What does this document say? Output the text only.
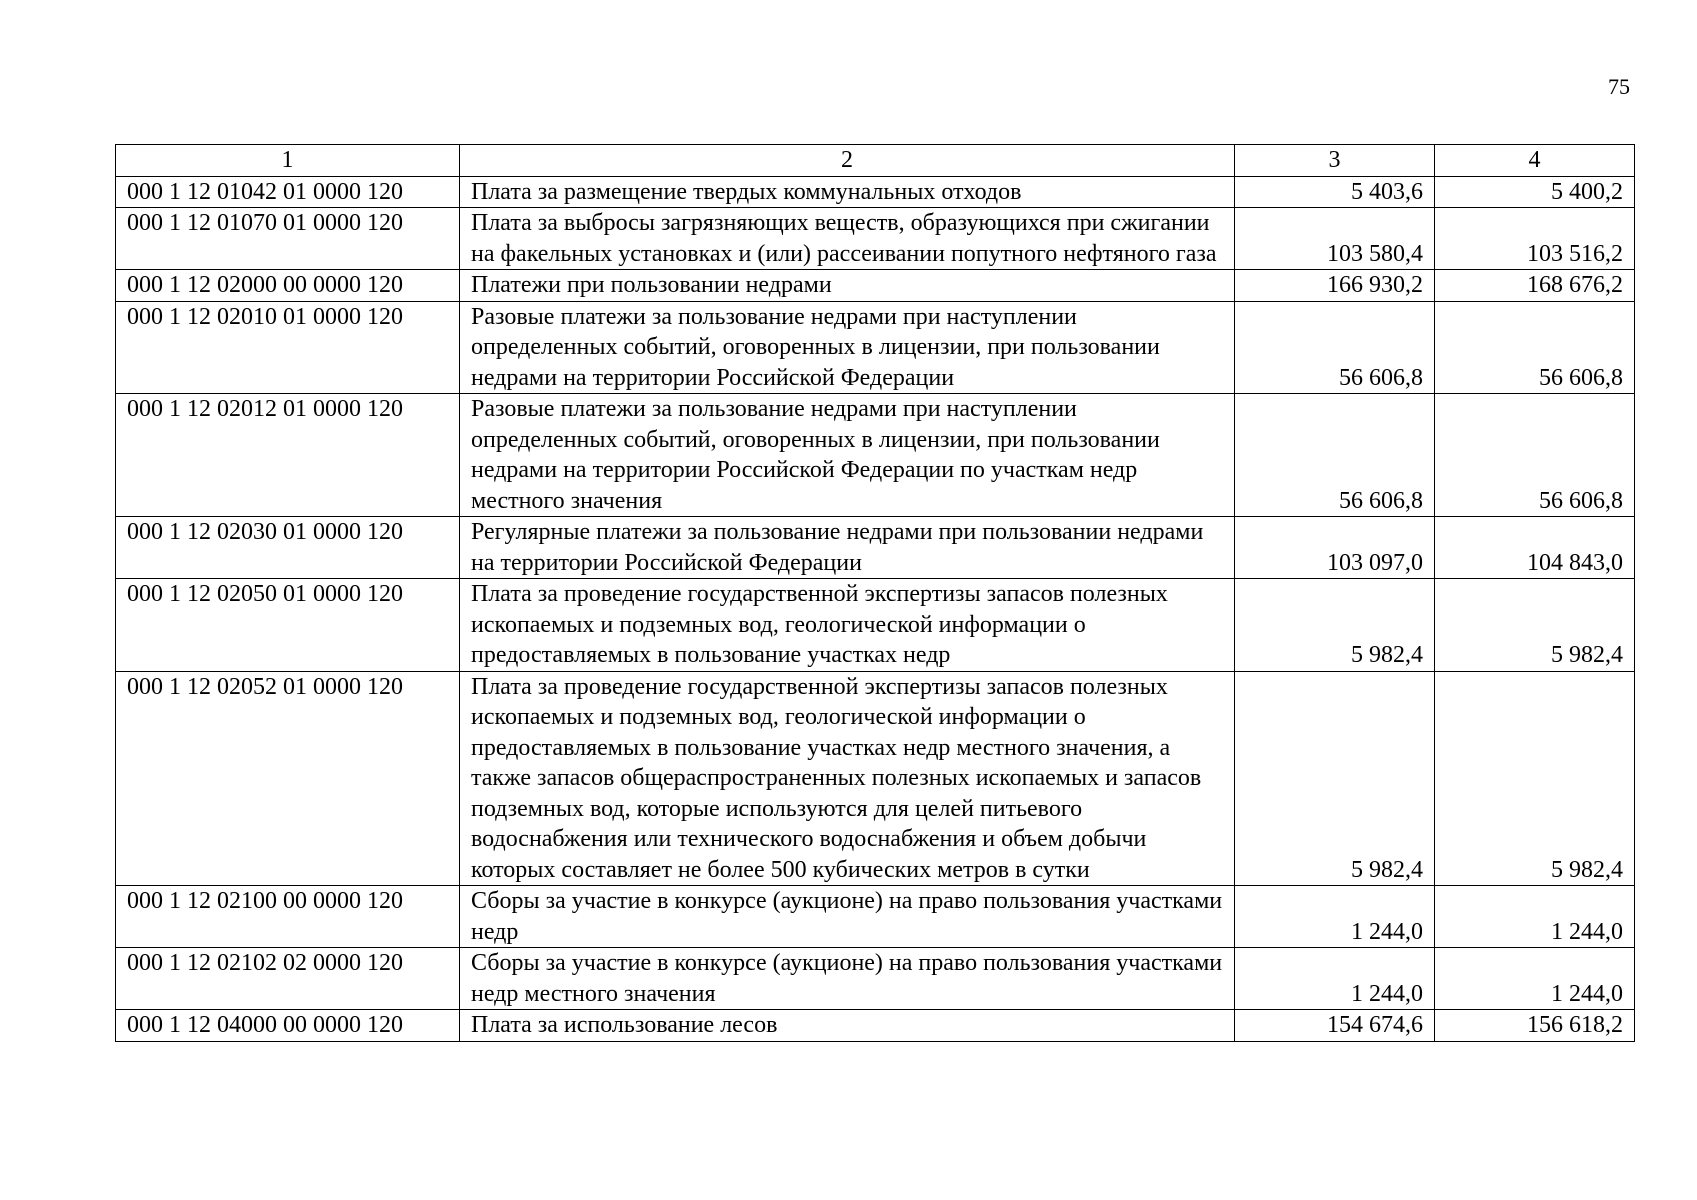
75
1	2	3	4
000 1 12 01042 01 0000 120	Плата за размещение твердых коммунальных отходов	5 403,6	5 400,2
000 1 12 01070 01 0000 120	Плата за выбросы загрязняющих веществ, образующихся при сжигании на факельных установках и (или) рассеивании попутного нефтяного газа	103 580,4	103 516,2
000 1 12 02000 00 0000 120	Платежи при пользовании недрами	166 930,2	168 676,2
000 1 12 02010 01 0000 120	Разовые платежи за пользование недрами при наступлении определенных событий, оговоренных в лицензии, при пользовании недрами на территории Российской Федерации	56 606,8	56 606,8
000 1 12 02012 01 0000 120	Разовые платежи за пользование недрами при наступлении определенных событий, оговоренных в лицензии, при пользовании недрами на территории Российской Федерации по участкам недр местного значения	56 606,8	56 606,8
000 1 12 02030 01 0000 120	Регулярные платежи за пользование недрами при пользовании недрами на территории Российской Федерации	103 097,0	104 843,0
000 1 12 02050 01 0000 120	Плата за проведение государственной экспертизы запасов полезных ископаемых и подземных вод, геологической информации о предоставляемых в пользование участках недр	5 982,4	5 982,4
000 1 12 02052 01 0000 120	Плата за проведение государственной экспертизы запасов полезных ископаемых и подземных вод, геологической информации о предоставляемых в пользование участках недр местного значения, а также запасов общераспространенных полезных ископаемых и запасов подземных вод, которые используются для целей питьевого водоснабжения или технического водоснабжения и объем добычи которых составляет не более 500 кубических метров в сутки	5 982,4	5 982,4
000 1 12 02100 00 0000 120	Сборы за участие в конкурсе (аукционе) на право пользования участками недр	1 244,0	1 244,0
000 1 12 02102 02 0000 120	Сборы за участие в конкурсе (аукционе) на право пользования участками недр местного значения	1 244,0	1 244,0
000 1 12 04000 00 0000 120	Плата за использование лесов	154 674,6	156 618,2
